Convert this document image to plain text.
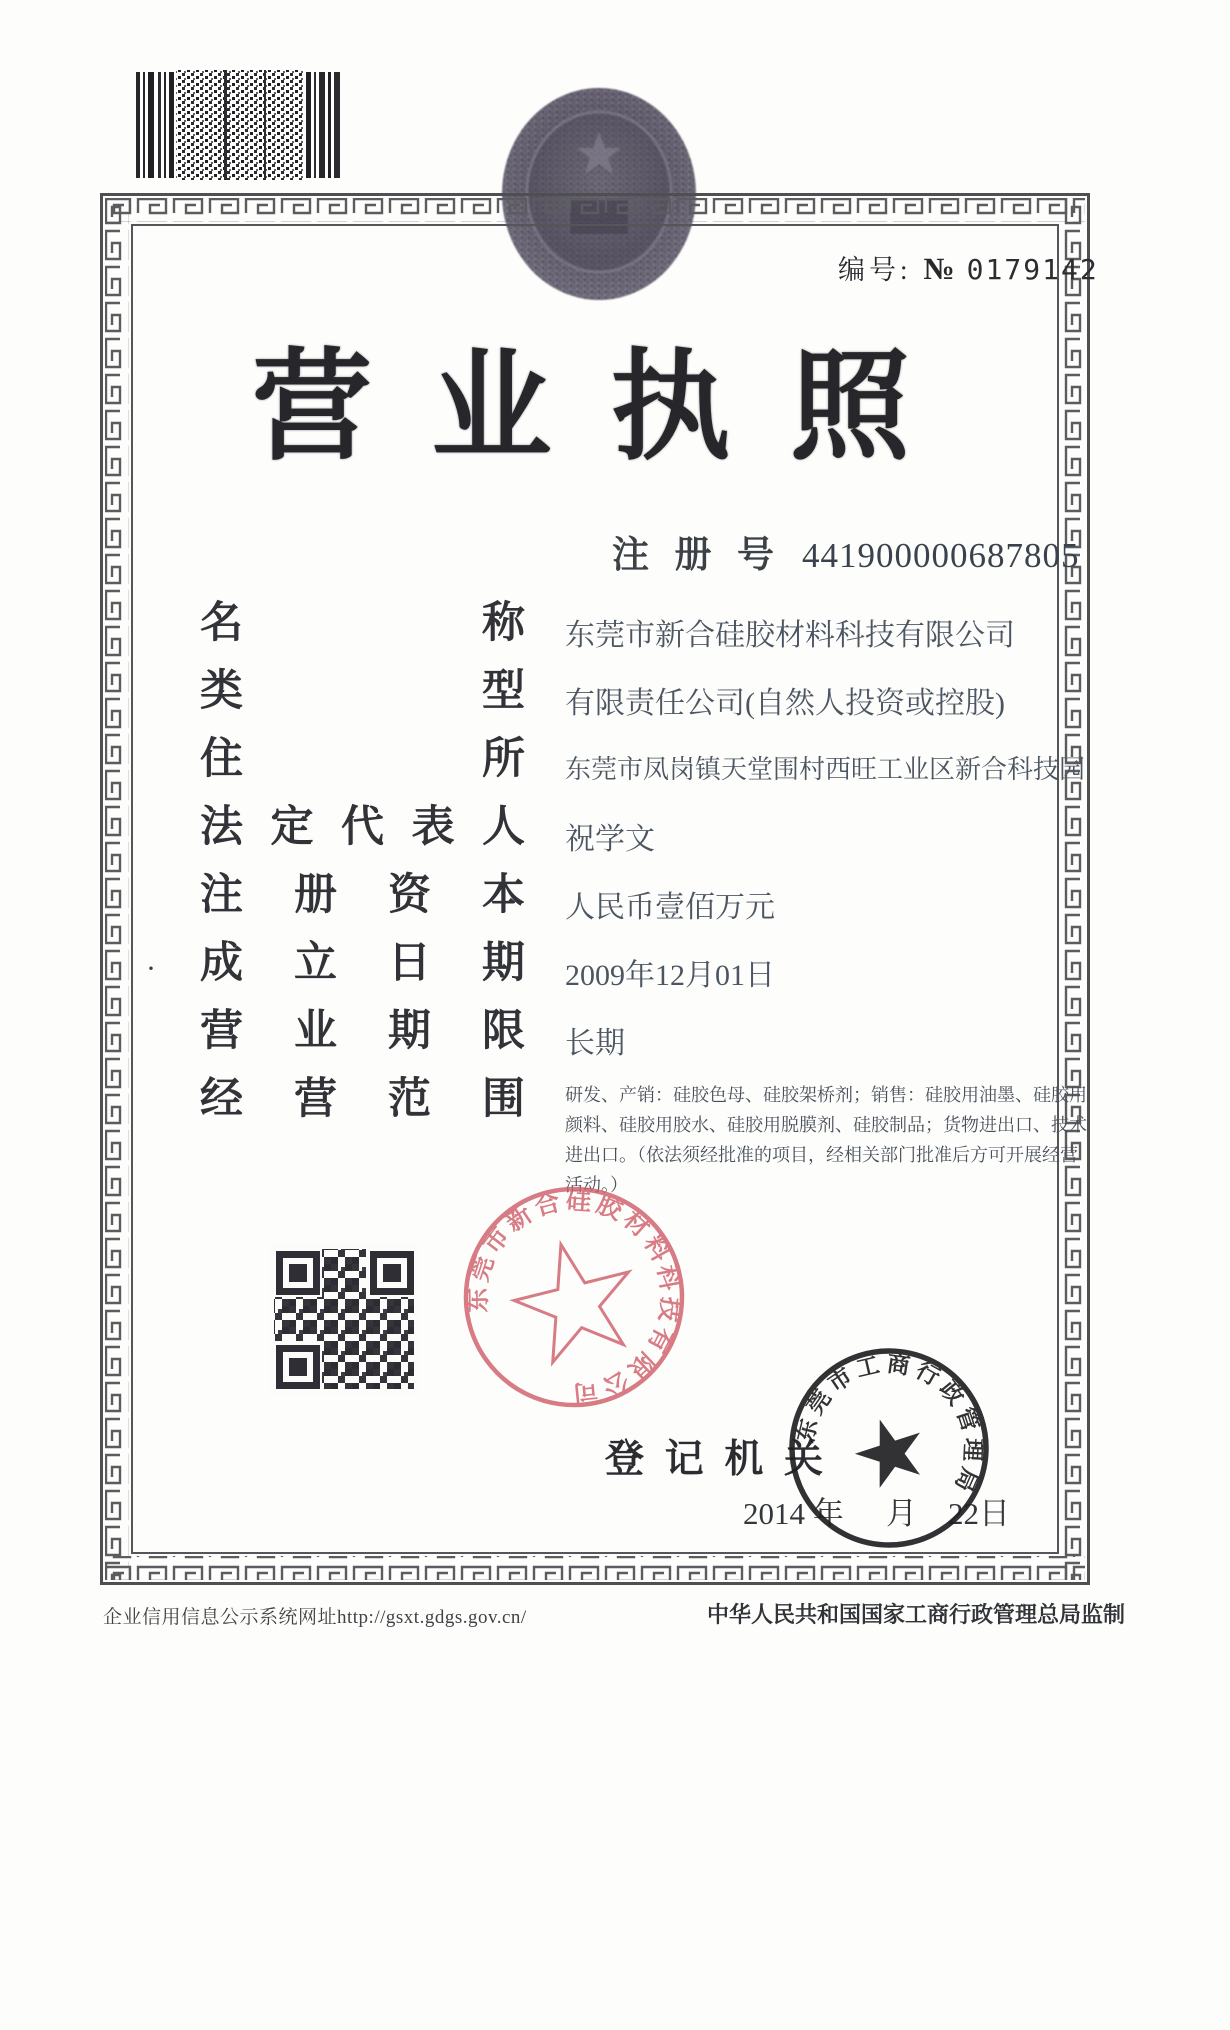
编号: № 0179142
营 业 执 照
注 册 号 441900000687805
名	称 东莞市新合硅胶材料科技有限公司
类	型 有限责任公司(自然人投资或控股)
住	所 东莞市凤岗镇天堂围村西旺工业区新合科技园
法 定 代 表 人 祝学文
注 册 资 本 人民币壹佰万元
成 立 日 期 2009年12月01日
·
营 业 期 限 长期
经 营 范 围 研发、产销：硅胶色母、硅胶架桥剂；销售：硅胶用油墨、硅胶用
颜料、硅胶用胶水、硅胶用脱膜剂、硅胶制品；货物进出口、技术
进出口。（依法须经批准的项目，经相关部门批准后方可开展经营
活动。）
东莞市新合硅胶材料科技有限公司
登 记 机 关
2014 年 月 22日
东莞市工商行政管理局
企业信用信息公示系统网址http://gsxt.gdgs.gov.cn/	中华人民共和国国家工商行政管理总局监制
